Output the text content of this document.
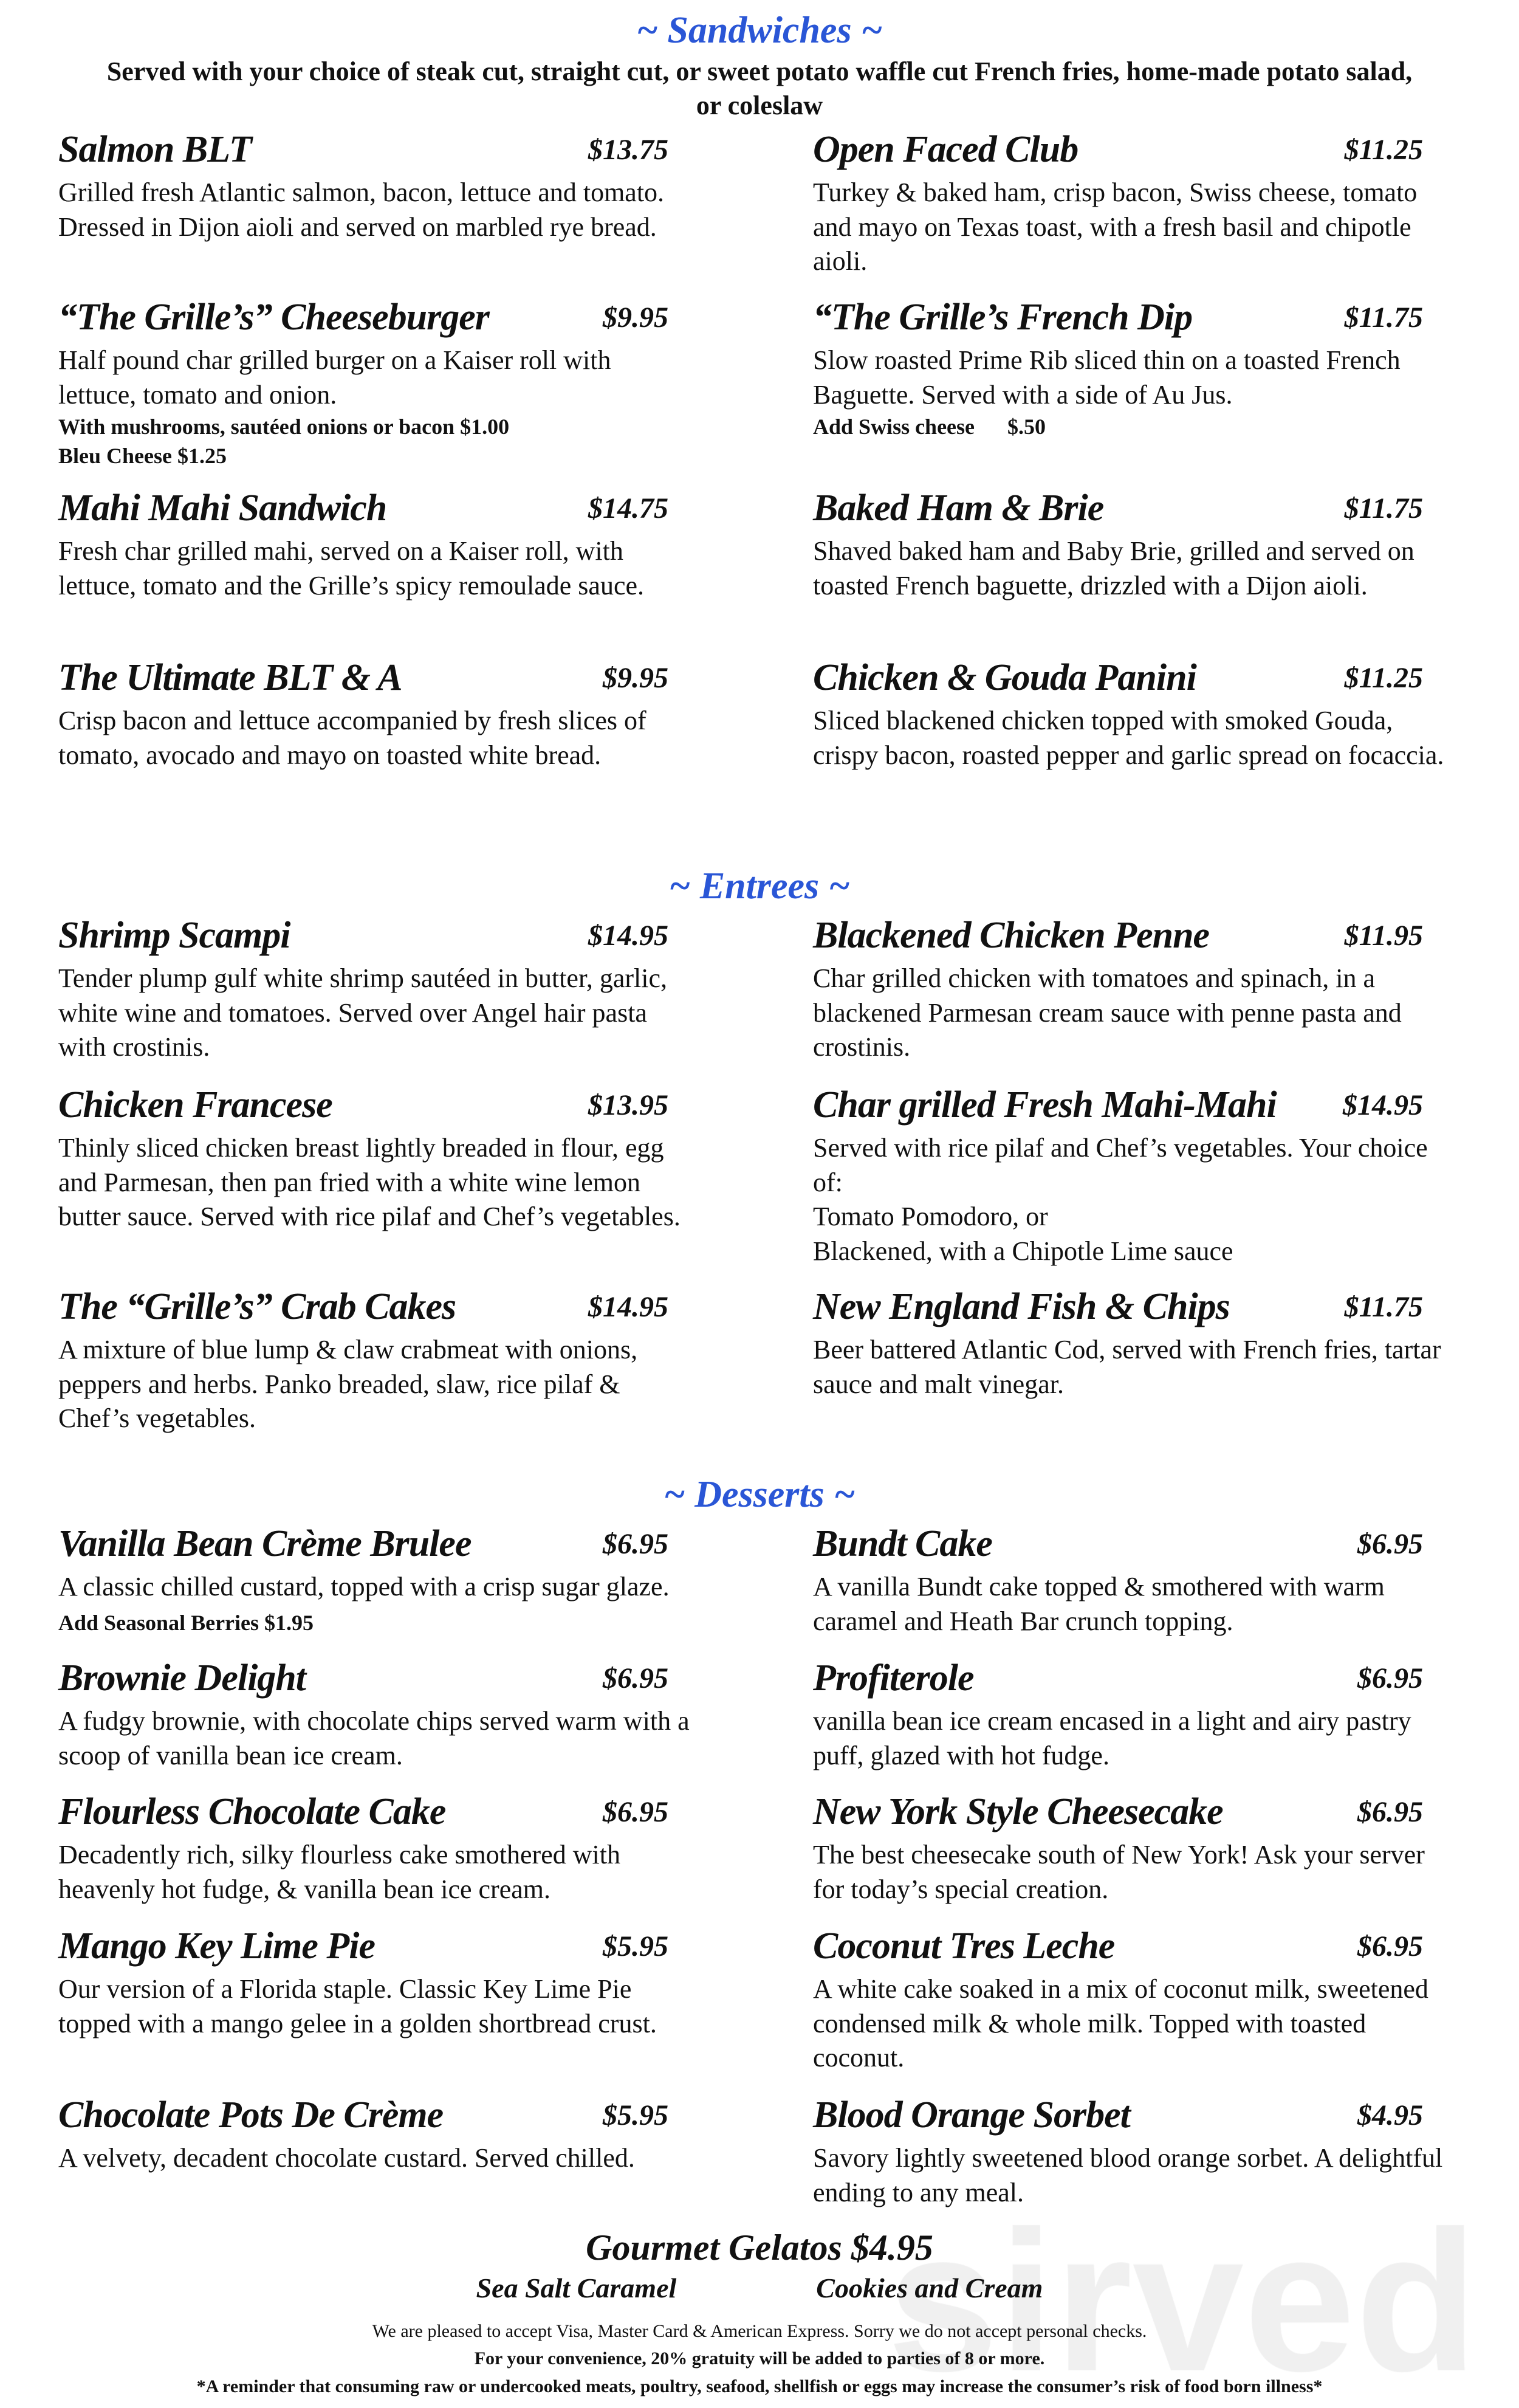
~ Sandwiches ~
Served with your choice of steak cut, straight cut, or sweet potato waffle cut French fries, home-made potato salad, or coleslaw
~ Entrees ~
~ Desserts ~
Salmon BLT	$13.75
Grilled fresh Atlantic salmon, bacon, lettuce and tomato. Dressed in Dijon aioli and served on marbled rye bread.
“The Grille’s” Cheeseburger	$9.95
Half pound char grilled burger on a Kaiser roll with lettuce, tomato and onion.
With mushrooms, sautéed onions or bacon $1.00
Bleu Cheese $1.25
Mahi Mahi Sandwich	$14.75
Fresh char grilled mahi, served on a Kaiser roll, with lettuce, tomato and the Grille’s spicy remoulade sauce.
The Ultimate BLT & A	$9.95
Crisp bacon and lettuce accompanied by fresh slices of tomato, avocado and mayo on toasted white bread.
Open Faced Club	$11.25
Turkey & baked ham, crisp bacon, Swiss cheese, tomato and mayo on Texas toast, with a fresh basil and chipotle aioli.
“The Grille’s French Dip	$11.75
Slow roasted Prime Rib sliced thin on a toasted French Baguette. Served with a side of Au Jus.
Add Swiss cheese      $.50
Baked Ham & Brie	$11.75
Shaved baked ham and Baby Brie, grilled and served on toasted French baguette, drizzled with a Dijon aioli.
Chicken & Gouda Panini	$11.25
Sliced blackened chicken topped with smoked Gouda, crispy bacon, roasted pepper and garlic spread on focaccia.
Shrimp Scampi	$14.95
Tender plump gulf white shrimp sautéed in butter, garlic, white wine and tomatoes. Served over Angel hair pasta with crostinis.
Chicken Francese	$13.95
Thinly sliced chicken breast lightly breaded in flour, egg and Parmesan, then pan fried with a white wine lemon butter sauce. Served with rice pilaf and Chef’s vegetables.
The “Grille’s” Crab Cakes	$14.95
A mixture of blue lump & claw crabmeat with onions, peppers and herbs. Panko breaded, slaw, rice pilaf & Chef’s vegetables.
Blackened Chicken Penne	$11.95
Char grilled chicken with tomatoes and spinach, in a blackened Parmesan cream sauce with penne pasta and crostinis.
Char grilled Fresh Mahi-Mahi $14.95
Served with rice pilaf and Chef’s vegetables. Your choice of:
Tomato Pomodoro, or
Blackened, with a Chipotle Lime sauce
New England Fish & Chips	$11.75
Beer battered Atlantic Cod, served with French fries, tartar sauce and malt vinegar.
Vanilla Bean Crème Brulee	$6.95
A classic chilled custard, topped with a crisp sugar glaze. Add Seasonal Berries $1.95
Brownie Delight	$6.95
A fudgy brownie, with chocolate chips served warm with a scoop of vanilla bean ice cream.
Flourless Chocolate Cake	$6.95
Decadently rich, silky flourless cake smothered with heavenly hot fudge, & vanilla bean ice cream.
Mango Key Lime Pie	$5.95
Our version of a Florida staple. Classic Key Lime Pie topped with a mango gelee in a golden shortbread crust.
Chocolate Pots De Crème	$5.95
A velvety, decadent chocolate custard. Served chilled.
Bundt Cake	$6.95
A vanilla Bundt cake topped & smothered with warm caramel and Heath Bar crunch topping.
Profiterole	$6.95
vanilla bean ice cream encased in a light and airy pastry puff, glazed with hot fudge.
New York Style Cheesecake	$6.95
The best cheesecake south of New York! Ask your server for today’s special creation.
Coconut Tres Leche	$6.95
A white cake soaked in a mix of coconut milk, sweetened condensed milk & whole milk. Topped with toasted coconut.
Blood Orange Sorbet	$4.95
Savory lightly sweetened blood orange sorbet. A delightful ending to any meal.
Gourmet Gelatos $4.95
Sea Salt Caramel	Cookies and Cream
We are pleased to accept Visa, Master Card & American Express. Sorry we do not accept personal checks.
For your convenience, 20% gratuity will be added to parties of 8 or more.
*A reminder that consuming raw or undercooked meats, poultry, seafood, shellfish or eggs may increase the consumer’s risk of food born illness*
